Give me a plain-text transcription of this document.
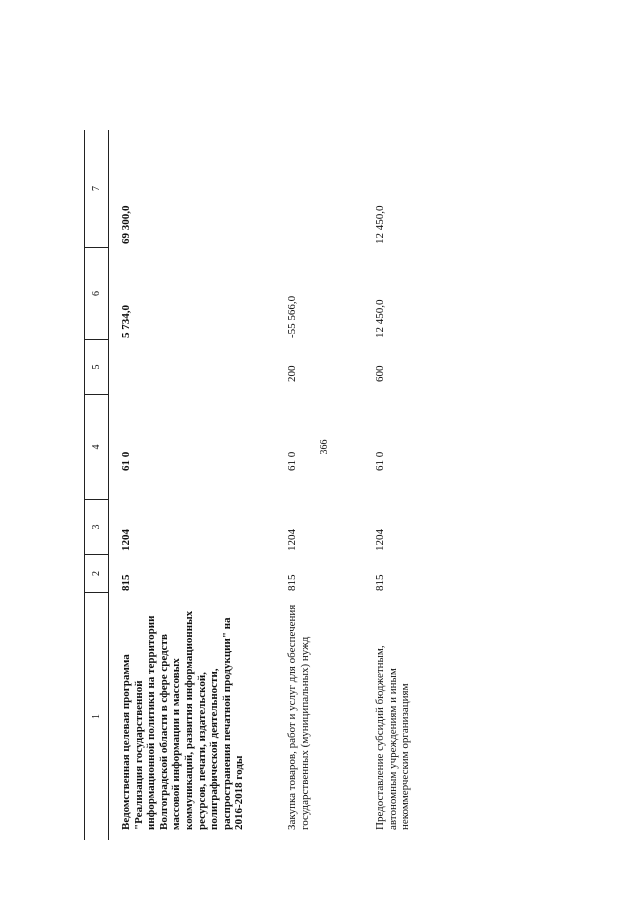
366
1
2
3
4
5
6
7
Ведомственная целевая программа "Реализация государственной информационной политики на территории Волгоградской области в сфере средств массовой информации и массовых коммуникаций, развития информационных ресурсов, печати, издательской, полиграфической деятельности, распространения печатной продукции" на 2016-2018 годы
815
1204
61 0
5 734,0
69 300,0
Закупка товаров, работ и услуг для обеспечения государственных (муниципальных) нужд
815
1204
61 0
200
-55 566,0
Предоставление субсидий бюджетным, автономным учреждениям и иным некоммерческим организациям
815
1204
61 0
600
12 450,0
12 450,0
